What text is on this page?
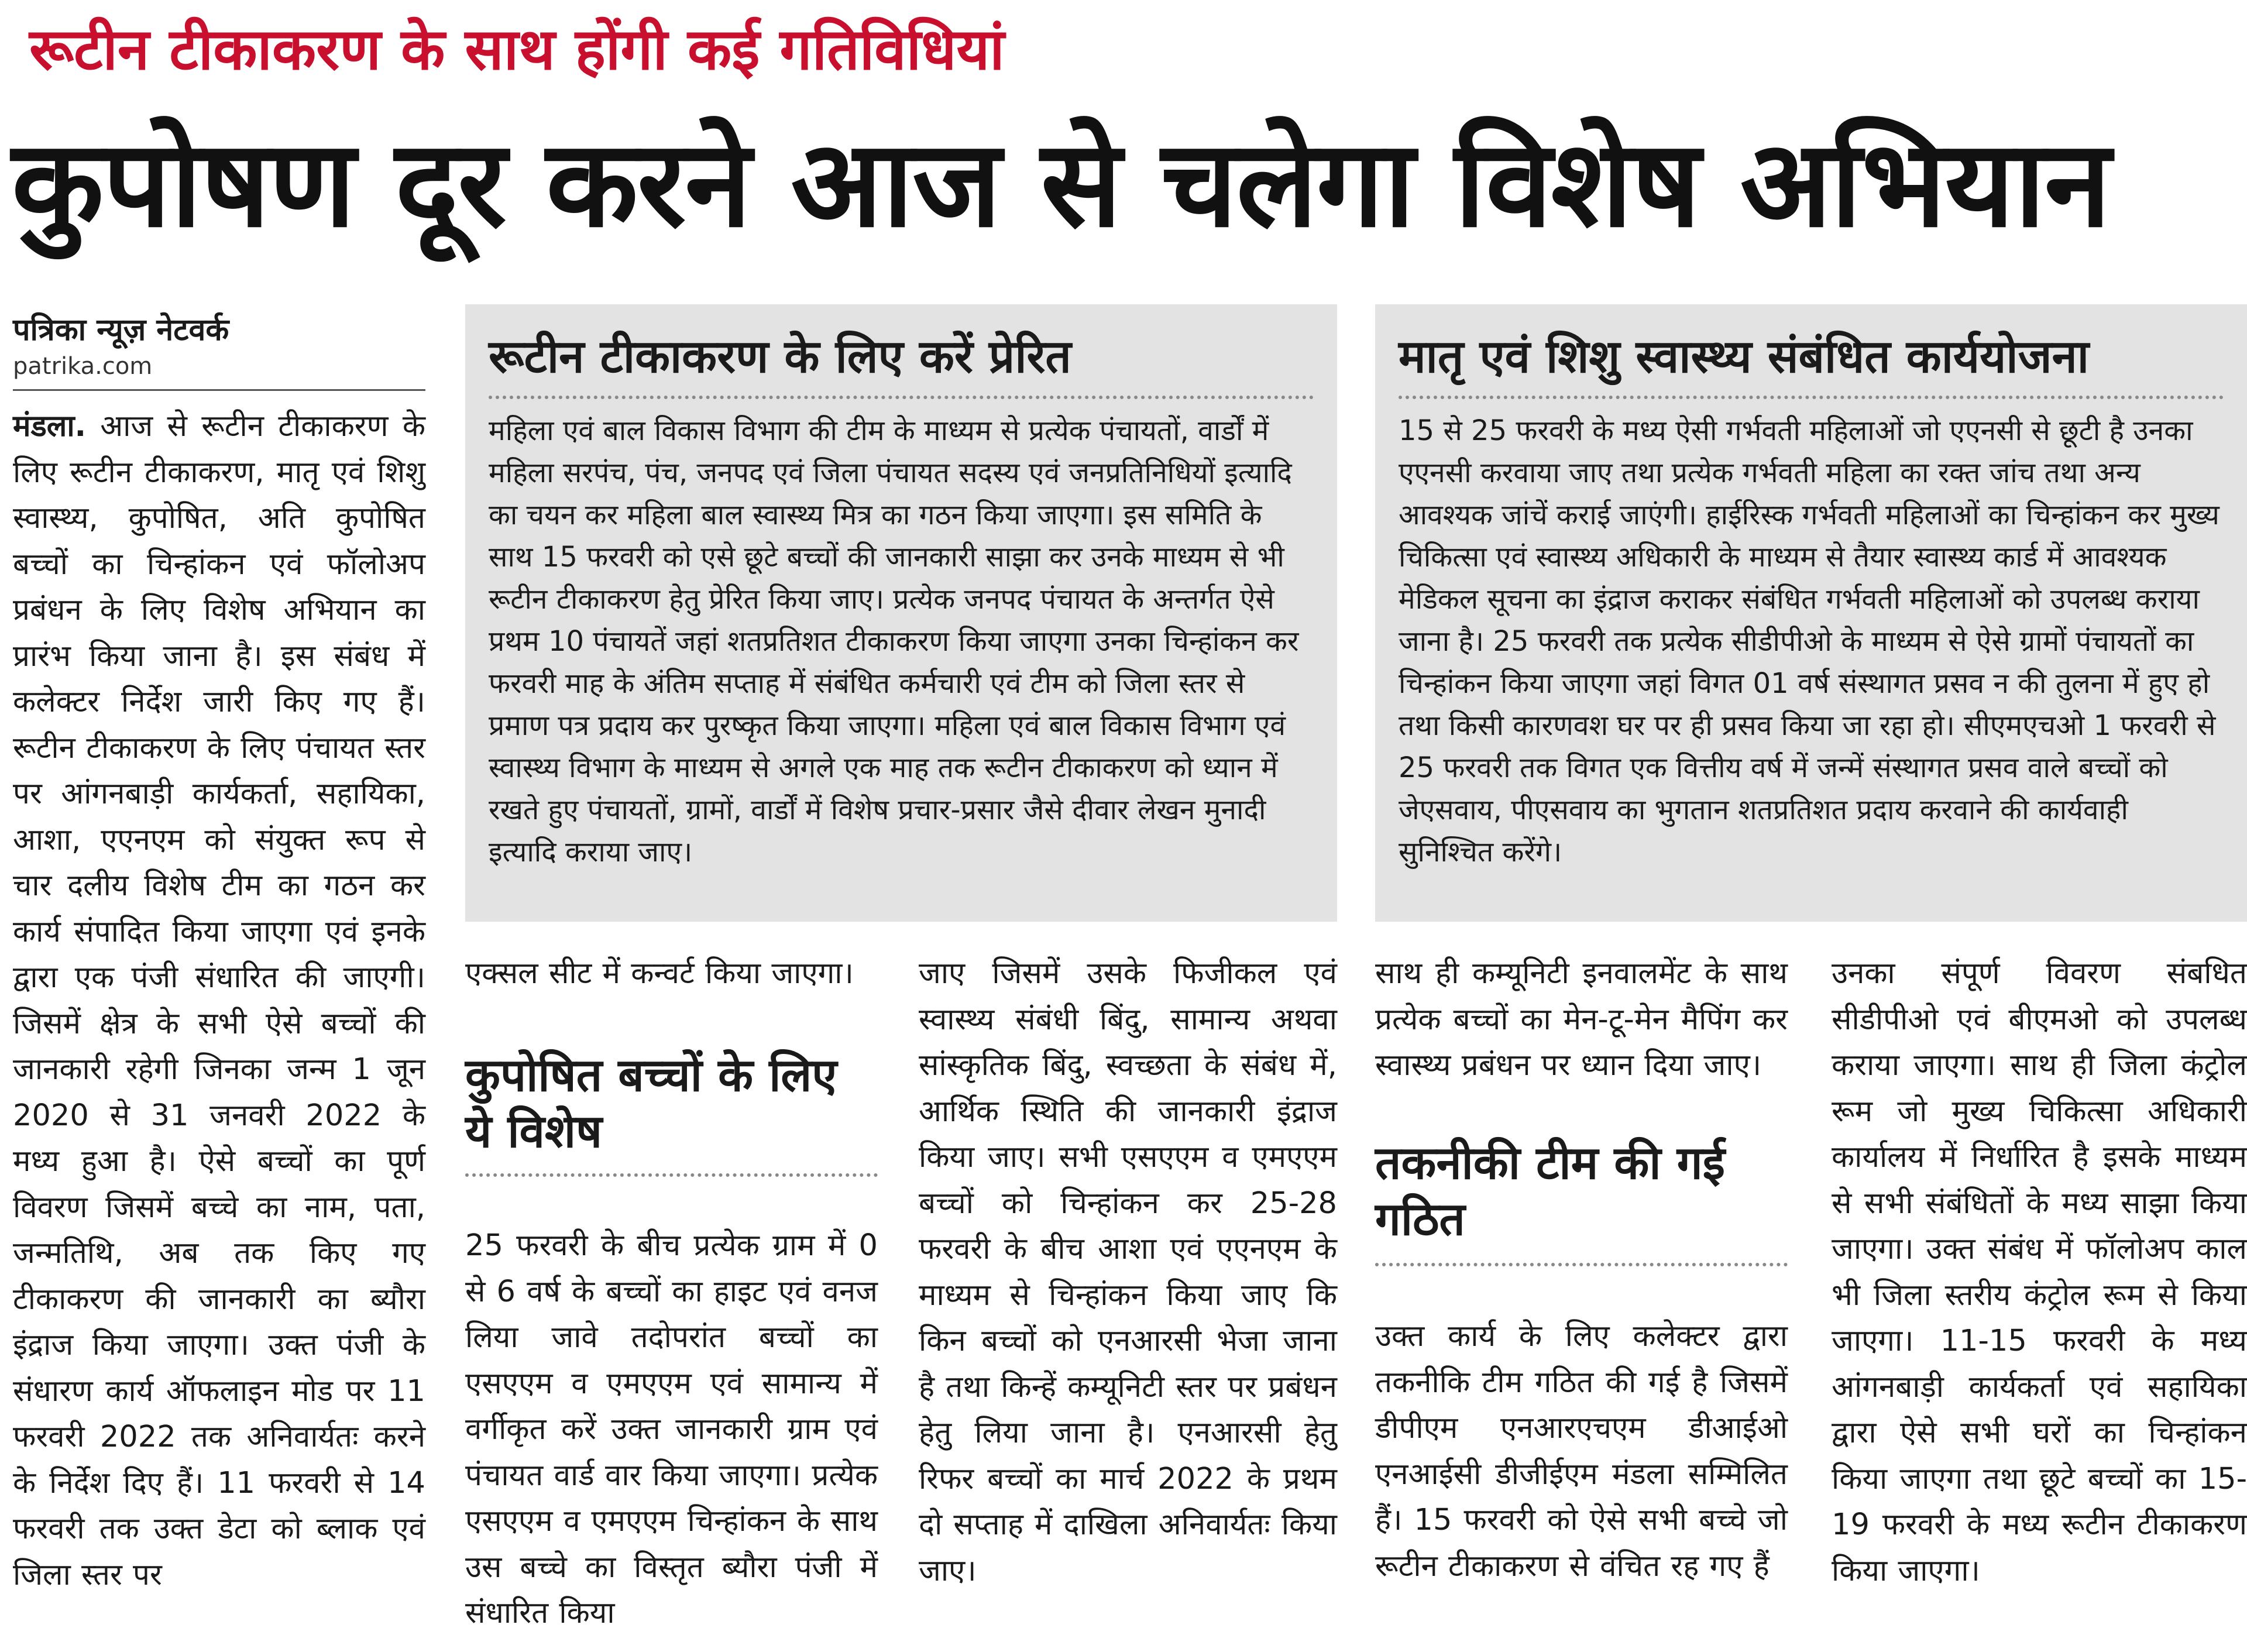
रूटीन टीकाकरण के साथ होंगी कई गतिविधियां
कुपोषण दूर करने आज से चलेगा विशेष अभियान
पत्रिका न्यूज़ नेटवर्क
patrika.com
मंडला. आज से रूटीन टीकाकरण के लिए रूटीन टीकाकरण, मातृ एवं शिशु स्वास्थ्य, कुपोषित, अति कुपोषित बच्चों का चिन्हांकन एवं फॉलोअप प्रबंधन के लिए विशेष अभियान का प्रारंभ किया जाना है। इस संबंध में कलेक्टर निर्देश जारी किए गए हैं। रूटीन टीकाकरण के लिए पंचायत स्तर पर आंगनबाड़ी कार्यकर्ता, सहायिका, आशा, एएनएम को संयुक्त रूप से चार दलीय विशेष टीम का गठन कर कार्य संपादित किया जाएगा एवं इनके द्वारा एक पंजी संधारित की जाएगी। जिसमें क्षेत्र के सभी ऐसे बच्चों की जानकारी रहेगी जिनका जन्म 1 जून 2020 से 31 जनवरी 2022 के मध्य हुआ है। ऐसे बच्चों का पूर्ण विवरण जिसमें बच्चे का नाम, पता, जन्मतिथि, अब तक किए गए टीकाकरण की जानकारी का ब्यौरा इंद्राज किया जाएगा। उक्त पंजी के संधारण कार्य ऑफलाइन मोड पर 11 फरवरी 2022 तक अनिवार्यतः करने के निर्देश दिए हैं। 11 फरवरी से 14 फरवरी तक उक्त डेटा को ब्लाक एवं जिला स्तर पर
रूटीन टीकाकरण के लिए करें प्रेरित
महिला एवं बाल विकास विभाग की टीम के माध्यम से प्रत्येक पंचायतों, वार्डों में महिला सरपंच, पंच, जनपद एवं जिला पंचायत सदस्य एवं जनप्रतिनिधियों इत्यादि का चयन कर महिला बाल स्वास्थ्य मित्र का गठन किया जाएगा। इस समिति के साथ 15 फरवरी को एसे छूटे बच्चों की जानकारी साझा कर उनके माध्यम से भी रूटीन टीकाकरण हेतु प्रेरित किया जाए। प्रत्येक जनपद पंचायत के अन्तर्गत ऐसे प्रथम 10 पंचायतें जहां शतप्रतिशत टीकाकरण किया जाएगा उनका चिन्हांकन कर फरवरी माह के अंतिम सप्ताह में संबंधित कर्मचारी एवं टीम को जिला स्तर से प्रमाण पत्र प्रदाय कर पुरष्कृत किया जाएगा। महिला एवं बाल विकास विभाग एवं स्वास्थ्य विभाग के माध्यम से अगले एक माह तक रूटीन टीकाकरण को ध्यान में रखते हुए पंचायतों, ग्रामों, वार्डों में विशेष प्रचार-प्रसार जैसे दीवार लेखन मुनादी इत्यादि कराया जाए।
मातृ एवं शिशु स्वास्थ्य संबंधित कार्ययोजना
15 से 25 फरवरी के मध्य ऐसी गर्भवती महिलाओं जो एएनसी से छूटी है उनका एएनसी करवाया जाए तथा प्रत्येक गर्भवती महिला का रक्त जांच तथा अन्य आवश्यक जांचें कराई जाएंगी। हाईरिस्क गर्भवती महिलाओं का चिन्हांकन कर मुख्य चिकित्सा एवं स्वास्थ्य अधिकारी के माध्यम से तैयार स्वास्थ्य कार्ड में आवश्यक मेडिकल सूचना का इंद्राज कराकर संबंधित गर्भवती महिलाओं को उपलब्ध कराया जाना है। 25 फरवरी तक प्रत्येक सीडीपीओ के माध्यम से ऐसे ग्रामों पंचायतों का चिन्हांकन किया जाएगा जहां विगत 01 वर्ष संस्थागत प्रसव न की तुलना में हुए हो तथा किसी कारणवश घर पर ही प्रसव किया जा रहा हो। सीएमएचओ 1 फरवरी से 25 फरवरी तक विगत एक वित्तीय वर्ष में जन्में संस्थागत प्रसव वाले बच्चों को जेएसवाय, पीएसवाय का भुगतान शतप्रतिशत प्रदाय करवाने की कार्यवाही सुनिश्चित करेंगे।
एक्सल सीट में कन्वर्ट किया जाएगा।
कुपोषित बच्चों के लिए ये विशेष
25 फरवरी के बीच प्रत्येक ग्राम में 0 से 6 वर्ष के बच्चों का हाइट एवं वनज लिया जावे तदोपरांत बच्चों का एसएएम व एमएएम एवं सामान्य में वर्गीकृत करें उक्त जानकारी ग्राम एवं पंचायत वार्ड वार किया जाएगा। प्रत्येक एसएएम व एमएएम चिन्हांकन के साथ उस बच्चे का विस्तृत ब्यौरा पंजी में संधारित किया
जाए जिसमें उसके फिजीकल एवं स्वास्थ्य संबंधी बिंदु, सामान्य अथवा सांस्कृतिक बिंदु, स्वच्छता के संबंध में, आर्थिक स्थिति की जानकारी इंद्राज किया जाए। सभी एसएएम व एमएएम बच्चों को चिन्हांकन कर 25-28 फरवरी के बीच आशा एवं एएनएम के माध्यम से चिन्हांकन किया जाए कि किन बच्चों को एनआरसी भेजा जाना है तथा किन्हें कम्यूनिटी स्तर पर प्रबंधन हेतु लिया जाना है। एनआरसी हेतु रिफर बच्चों का मार्च 2022 के प्रथम दो सप्ताह में दाखिला अनिवार्यतः किया जाए।
साथ ही कम्यूनिटी इनवालमेंट के साथ प्रत्येक बच्चों का मेन-टू-मेन मैपिंग कर स्वास्थ्य प्रबंधन पर ध्यान दिया जाए।
तकनीकी टीम की गई गठित
उक्त कार्य के लिए कलेक्टर द्वारा तकनीकि टीम गठित की गई है जिसमें डीपीएम एनआरएचएम डीआईओ एनआईसी डीजीईएम मंडला सम्मिलित हैं। 15 फरवरी को ऐसे सभी बच्चे जो रूटीन टीकाकरण से वंचित रह गए हैं
उनका संपूर्ण विवरण संबधित सीडीपीओ एवं बीएमओ को उपलब्ध कराया जाएगा। साथ ही जिला कंट्रोल रूम जो मुख्य चिकित्सा अधिकारी कार्यालय में निर्धारित है इसके माध्यम से सभी संबंधितों के मध्य साझा किया जाएगा। उक्त संबंध में फॉलोअप काल भी जिला स्तरीय कंट्रोल रूम से किया जाएगा। 11-15 फरवरी के मध्य आंगनबाड़ी कार्यकर्ता एवं सहायिका द्वारा ऐसे सभी घरों का चिन्हांकन किया जाएगा तथा छूटे बच्चों का 15-19 फरवरी के मध्य रूटीन टीकाकरण किया जाएगा।
